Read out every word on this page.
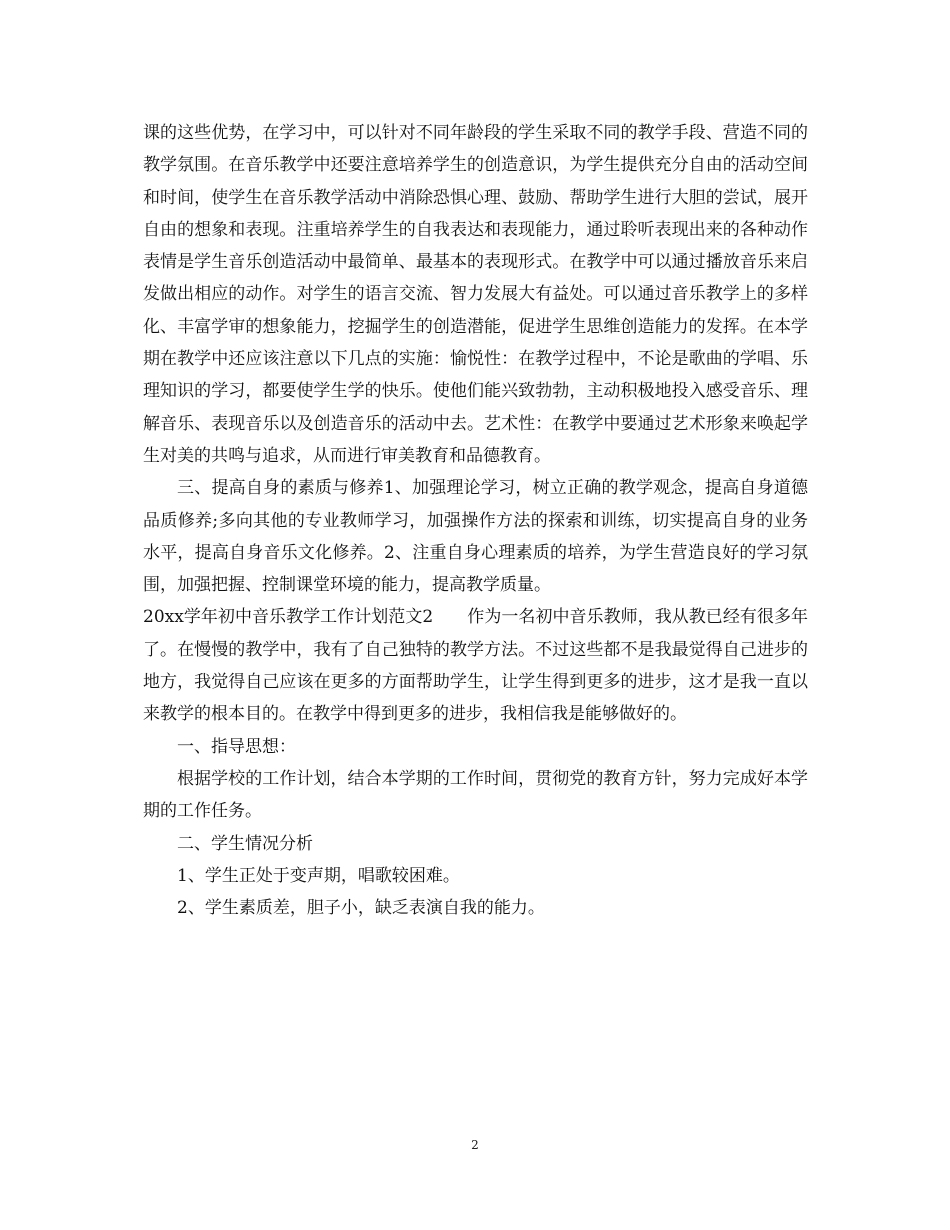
课的这些优势，在学习中，可以针对不同年龄段的学生采取不同的教学手段、营造不同的教学氛围。在音乐教学中还要注意培养学生的创造意识，为学生提供充分自由的活动空间和时间，使学生在音乐教学活动中消除恐惧心理、鼓励、帮助学生进行大胆的尝试，展开自由的想象和表现。注重培养学生的自我表达和表现能力，通过聆听表现出来的各种动作表情是学生音乐创造活动中最简单、最基本的表现形式。在教学中可以通过播放音乐来启发做出相应的动作。对学生的语言交流、智力发展大有益处。可以通过音乐教学上的多样化、丰富学审的想象能力，挖掘学生的创造潜能，促进学生思维创造能力的发挥。在本学期在教学中还应该注意以下几点的实施：愉悦性：在教学过程中，不论是歌曲的学唱、乐理知识的学习，都要使学生学的快乐。使他们能兴致勃勃，主动积极地投入感受音乐、理解音乐、表现音乐以及创造音乐的活动中去。艺术性：在教学中要通过艺术形象来唤起学生对美的共鸣与追求，从而进行审美教育和品德教育。

三、提高自身的素质与修养1、加强理论学习，树立正确的教学观念，提高自身道德品质修养;多向其他的专业教师学习，加强操作方法的探索和训练，切实提高自身的业务水平，提高自身音乐文化修养。2、注重自身心理素质的培养，为学生营造良好的学习氛围，加强把握、控制课堂环境的能力，提高教学质量。

20xx学年初中音乐教学工作计划范文2　　作为一名初中音乐教师，我从教已经有很多年了。在慢慢的教学中，我有了自己独特的教学方法。不过这些都不是我最觉得自己进步的地方，我觉得自己应该在更多的方面帮助学生，让学生得到更多的进步，这才是我一直以来教学的根本目的。在教学中得到更多的进步，我相信我是能够做好的。

一、指导思想：

根据学校的工作计划，结合本学期的工作时间，贯彻党的教育方针，努力完成好本学期的工作任务。

二、学生情况分析

1、学生正处于变声期，唱歌较困难。

2、学生素质差，胆子小，缺乏表演自我的能力。

2
